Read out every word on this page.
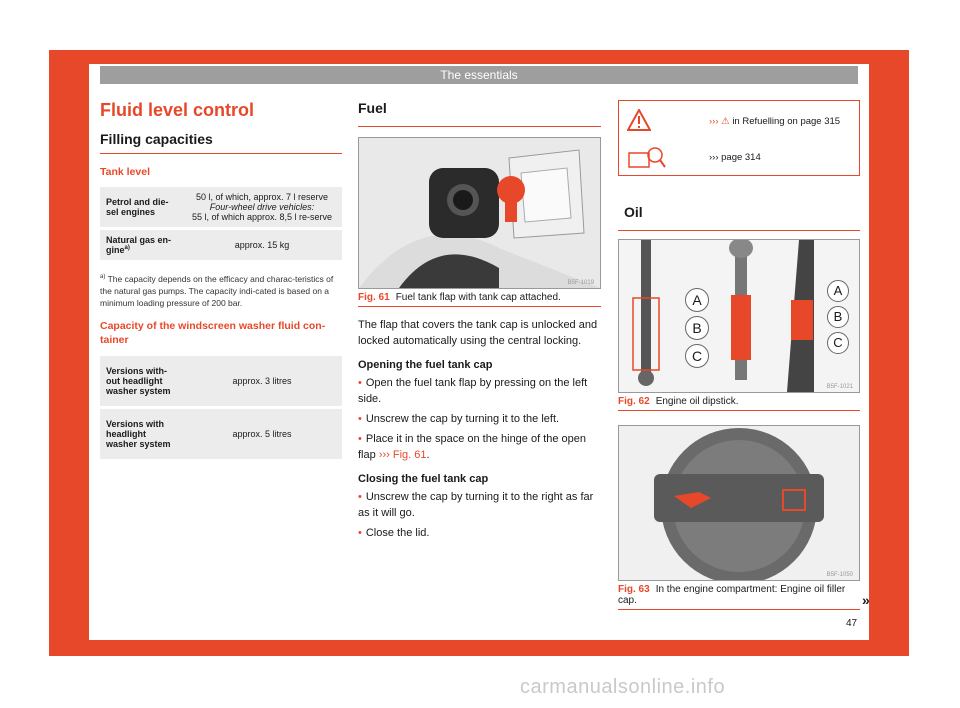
The essentials
Fluid level control
Filling capacities
Tank level
Petrol and die-sel engines	50 l, of which, approx. 7 l reserve
Four-wheel drive vehicles:
55 l, of which approx. 8,5 l re-serve

Natural gas en-gine$^{a)}$	approx. 15 kg
$^{a)}$ The capacity depends on the efficacy and charac-teristics of the natural gas pumps. The capacity indi-cated is based on a minimum loading pressure of 200 bar.
Capacity of the windscreen washer fluid con-tainer
Versions with-out headlight washer system	approx. 3 litres
Versions with headlight washer system	approx. 5 litres
Fuel
B5F-1019
Fig. 61 Fuel tank flap with tank cap attached.
The flap that covers the tank cap is unlocked and locked automatically using the central locking.
Opening the fuel tank cap
• Open the fuel tank flap by pressing on the left side.
• Unscrew the cap by turning it to the left.
• Place it in the space on the hinge of the open flap ››› Fig. 61.
Closing the fuel tank cap
• Unscrew the cap by turning it to the right as far as it will go.
• Close the lid.
››› ⚠ in Refuelling on page 315
››› page 314
Oil
A
B
C
A
B
C
B5F-1021
Fig. 62 Engine oil dipstick.
B5F-1050
Fig. 63 In the engine compartment: Engine oil filler cap.	»
47
carmanualsonline.info
